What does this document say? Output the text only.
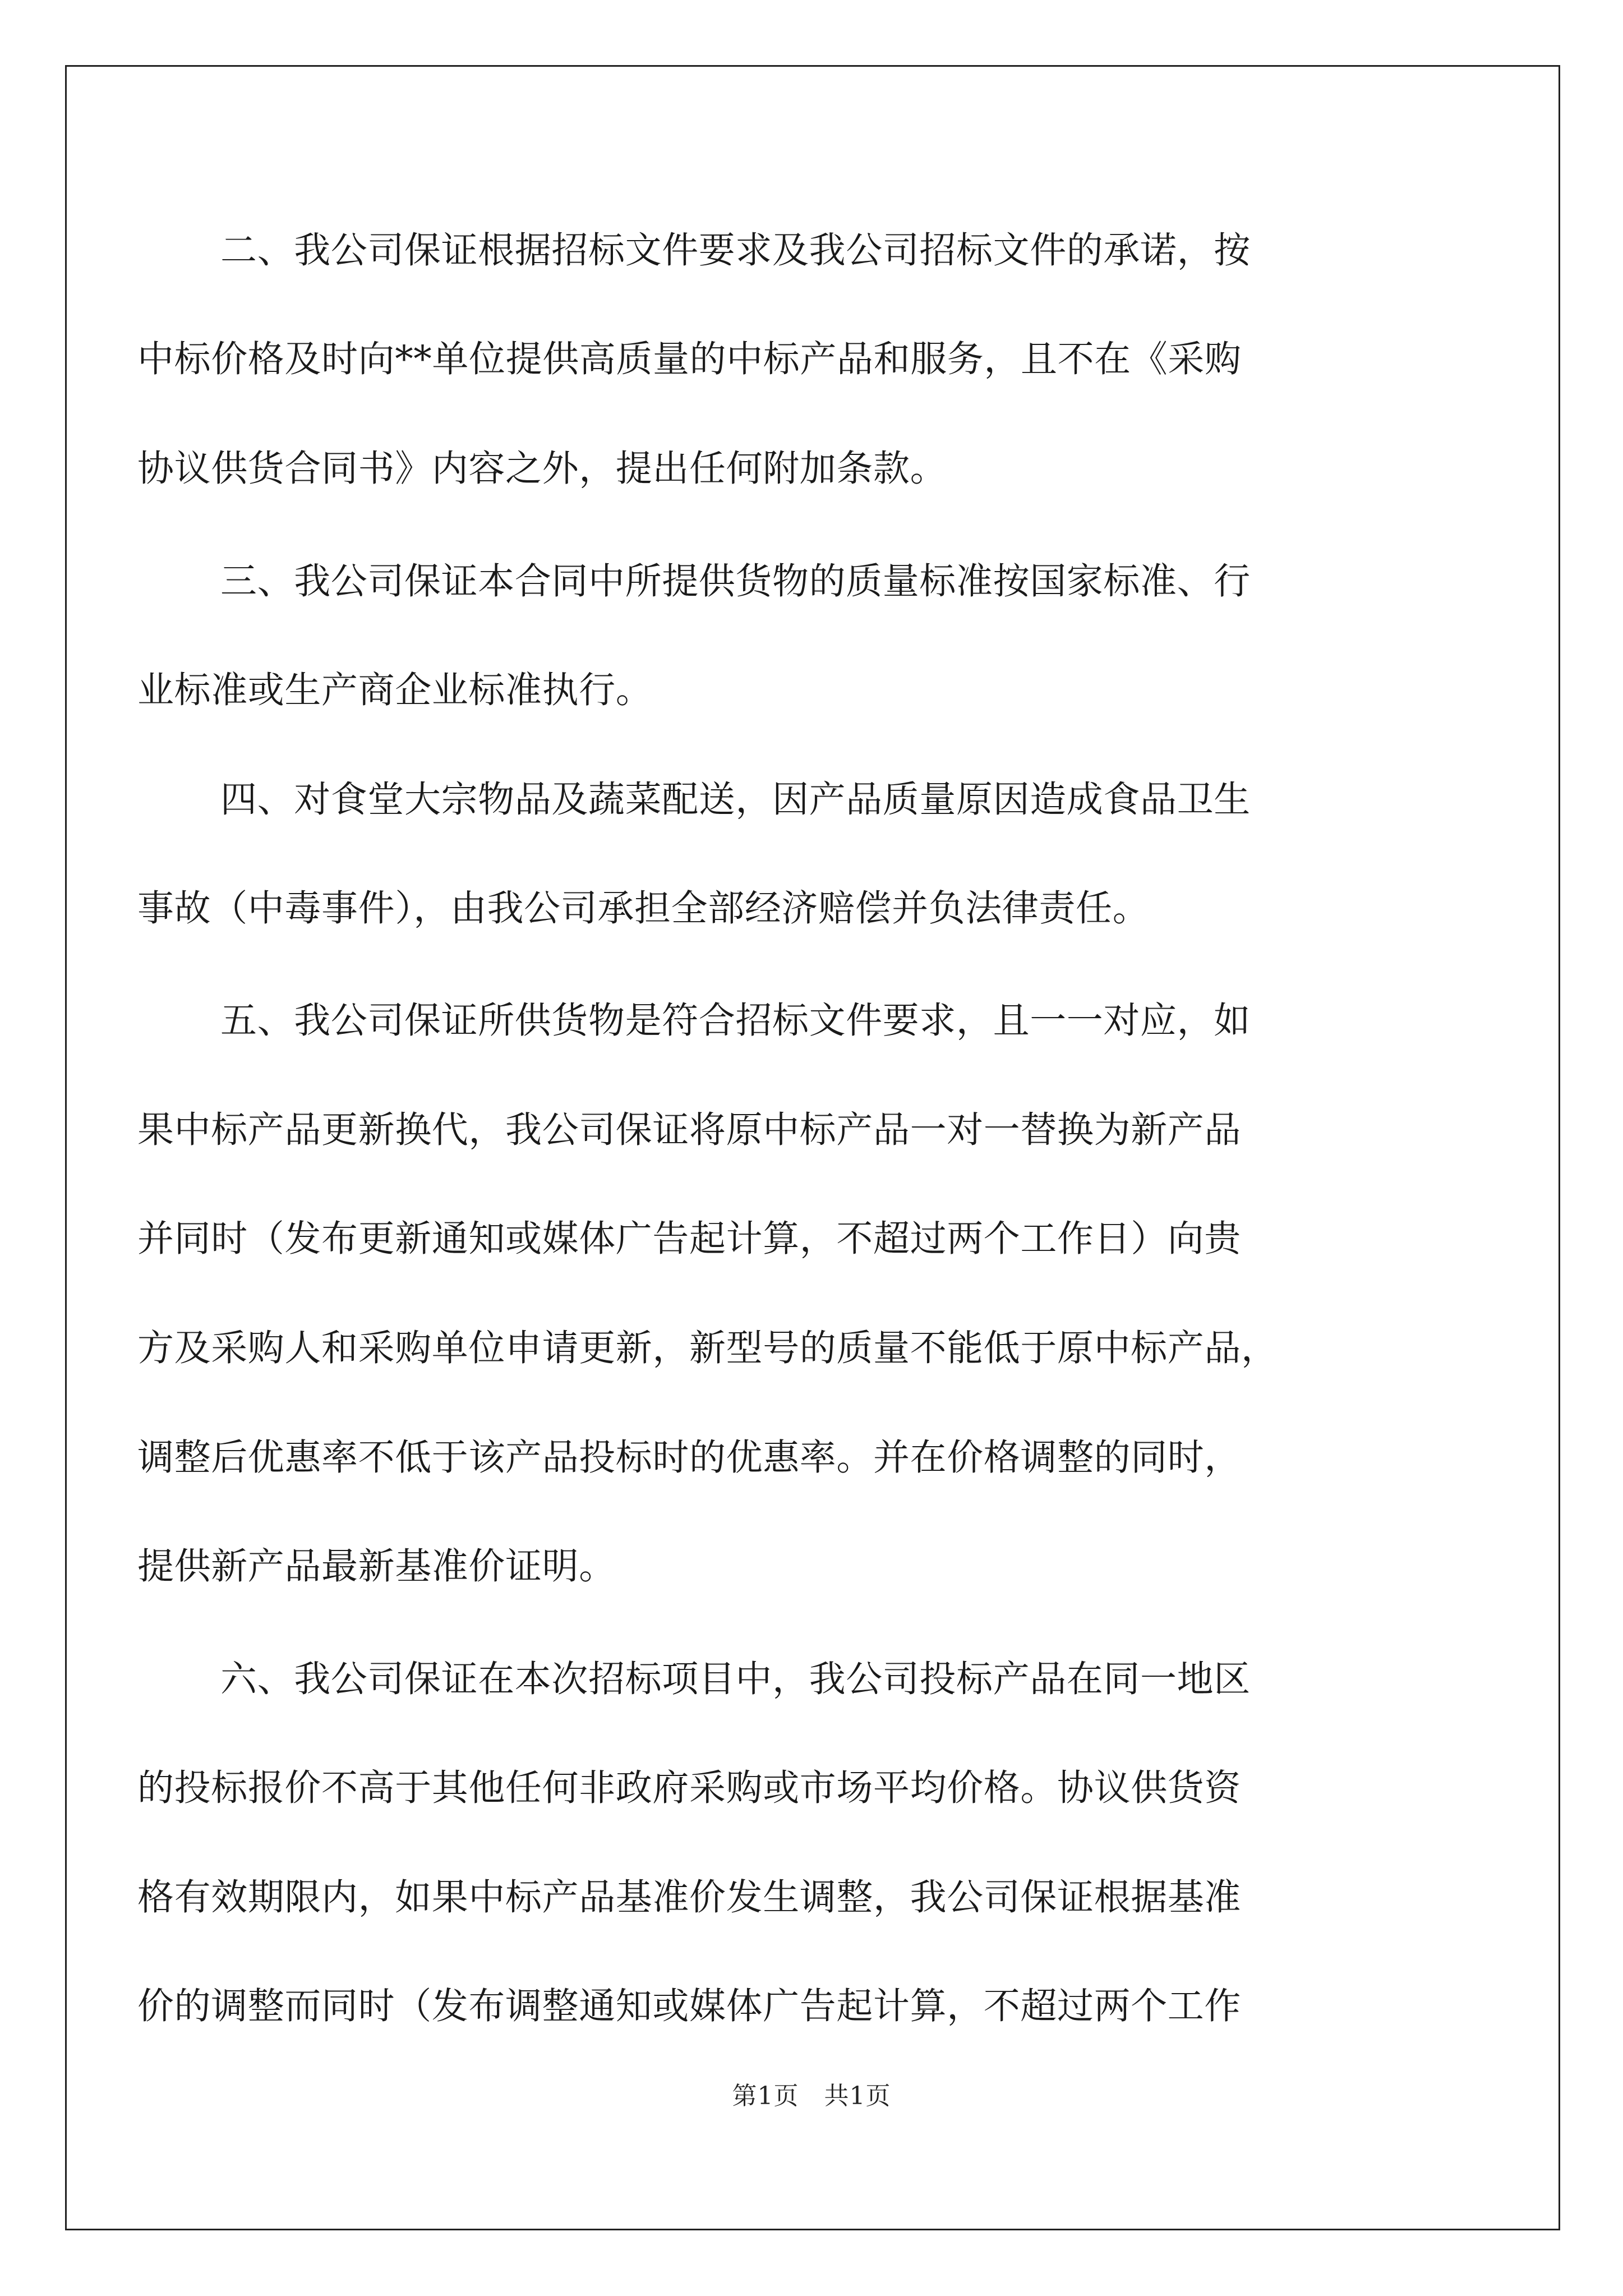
二、我公司保证根据招标文件要求及我公司招标文件的承诺，按
中标价格及时向**单位提供高质量的中标产品和服务，且不在《采购
协议供货合同书》内容之外，提出任何附加条款。
三、我公司保证本合同中所提供货物的质量标准按国家标准、行
业标准或生产商企业标准执行。
四、对食堂大宗物品及蔬菜配送，因产品质量原因造成食品卫生
事故（中毒事件），由我公司承担全部经济赔偿并负法律责任。
五、我公司保证所供货物是符合招标文件要求，且一一对应，如
果中标产品更新换代，我公司保证将原中标产品一对一替换为新产品
并同时（发布更新通知或媒体广告起计算，不超过两个工作日）向贵
方及采购人和采购单位申请更新，新型号的质量不能低于原中标产品，
调整后优惠率不低于该产品投标时的优惠率。并在价格调整的同时，
提供新产品最新基准价证明。
六、我公司保证在本次招标项目中，我公司投标产品在同一地区
的投标报价不高于其他任何非政府采购或市场平均价格。协议供货资
格有效期限内，如果中标产品基准价发生调整，我公司保证根据基准
价的调整而同时（发布调整通知或媒体广告起计算，不超过两个工作
第1页　共1页
